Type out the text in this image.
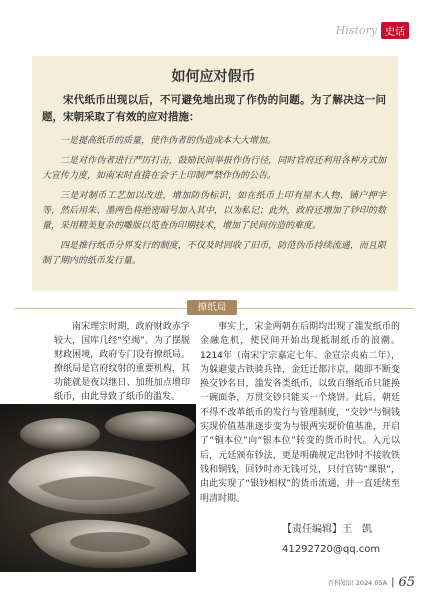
History 史话
如何应对假币
宋代纸币出现以后，不可避免地出现了作伪的问题。为了解决这一问题，宋朝采取了有效的应对措施：

一是提高纸币的质量，使作伪者的伪造成本大大增加。

二是对作伪者进行严厉打击，鼓励民间举报作伪行径，同时官府还利用各种方式加大宣传力度，如南宋时直接在会子上印制严禁作伪的公告。

三是对制币工艺加以改进，增加防伪标识，如在纸币上印有屋木人物、铺户押字等，然后用朱、墨两色将绝密暗号加入其中，以为私记；此外，政府还增加了钞印的数量，采用精美复杂的雕版以览查伪印期技术，增加了民间仿造的难度。

四是推行纸币分界发行的制度，不仅及时回收了旧币，防范伪币持续流通，而且限制了期内的纸币发行量。

撩纸局
南宋理宗时期，政府财政赤字较大，国库几经“空竭”。为了摆脱财政困境，政府专门设有撩纸局。撩纸局是官府纹射的重要机构，其功能就是夜以继日、加班加点增印纸币，由此导致了纸币的滥发。

事实上，宋金两朝在后期均出现了滥发纸币的金融危机，使民间开始出现抵制纸币的浪潮。1214年（南宋宁宗嘉定七年、金宣宗贞祐二年），为躲避蒙古铁骑兵锋，金廷迁都汴京，随即不断变换交钞名目，滥发各类纸币，以致百缗纸币只能换一碗面条，万贯交钞只能买一个烧饼。此后，朝廷不得不改革纸币的发行与管理制度，“交钞”与铜钱实现价值基准逐步变为与银两实现价值基准，开启了“铜本位”向“银本位”转变的货币时代。入元以后，元廷颁布钞法，更是明确规定出钞时不接收铁钱和铜钱，回钞时亦无钱可兑，只付官铸“课银”，由此实现了“银钞相权”的货币流通，并一直延续至明清时期。

【责任编辑】王　凯
41292720@qq.com
百科知识 2024.05A | 65
